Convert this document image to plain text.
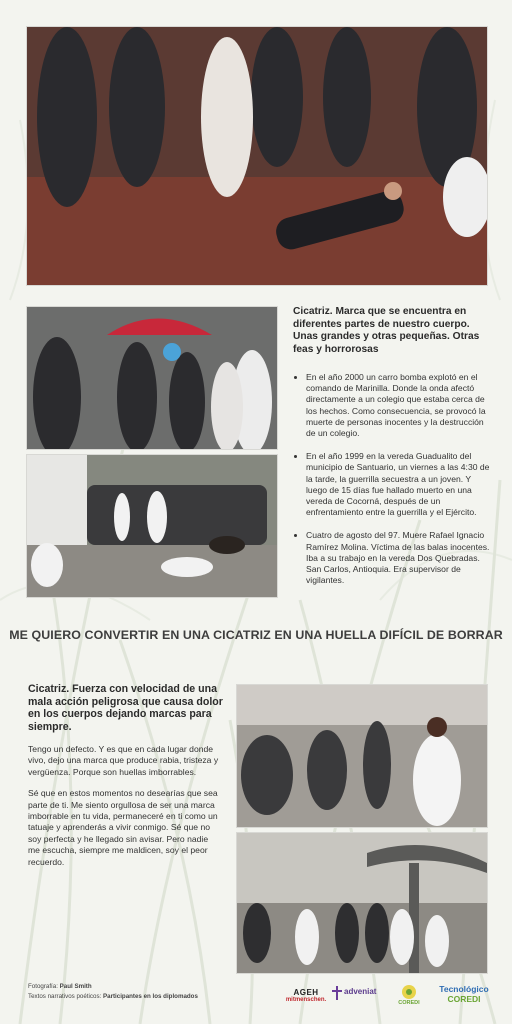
Cicatriz. Marca que se encuentra en diferentes partes de nuestro cuerpo. Unas grandes y otras pequeñas. Otras feas y horrorosas
• En el año 2000 un carro bomba explotó en el comando de Marinilla. Donde la onda afectó directamente a un colegio que estaba cerca de los hechos. Como consecuencia, se provocó la muerte de personas inocentes y la destrucción de un colegio.
• En el año 1999 en la vereda Guadualito del municipio de Santuario, un viernes a las 4:30 de la tarde, la guerrilla secuestra a un joven. Y luego de 15 días fue hallado muerto en una vereda de Cocorná, después de un enfrentamiento entre la guerrilla y el Ejército.
• Cuatro de agosto del 97. Muere Rafael Ignacio Ramírez Molina. Víctima de las balas inocentes. Iba a su trabajo en la vereda Dos Quebradas. San Carlos, Antioquia. Era supervisor de vigilantes.
ME QUIERO CONVERTIR EN UNA CICATRIZ EN UNA HUELLA DIFÍCIL DE BORRAR
Cicatriz. Fuerza con velocidad de una mala acción peligrosa que causa dolor en los cuerpos dejando marcas para siempre.

Tengo un defecto. Y es que en cada lugar donde vivo, dejo una marca que produce rabia, tristeza y vergüenza. Porque son huellas imborrables.

Sé que en estos momentos no desearías que sea parte de ti. Me siento orgullosa de ser una marca imborrable en tu vida, permaneceré en ti como un tatuaje y aprenderás a vivir conmigo. Sé que no soy perfecta y he llegado sin avisar. Pero nadie me escucha, siempre me maldicen, soy el peor recuerdo.

Fotografía: Paul Smith
Textos narrativos poéticos: Participantes en los diplomados	AGEH
mitmenschen.
adveniat
COREDI
Tecnológico
COREDI
